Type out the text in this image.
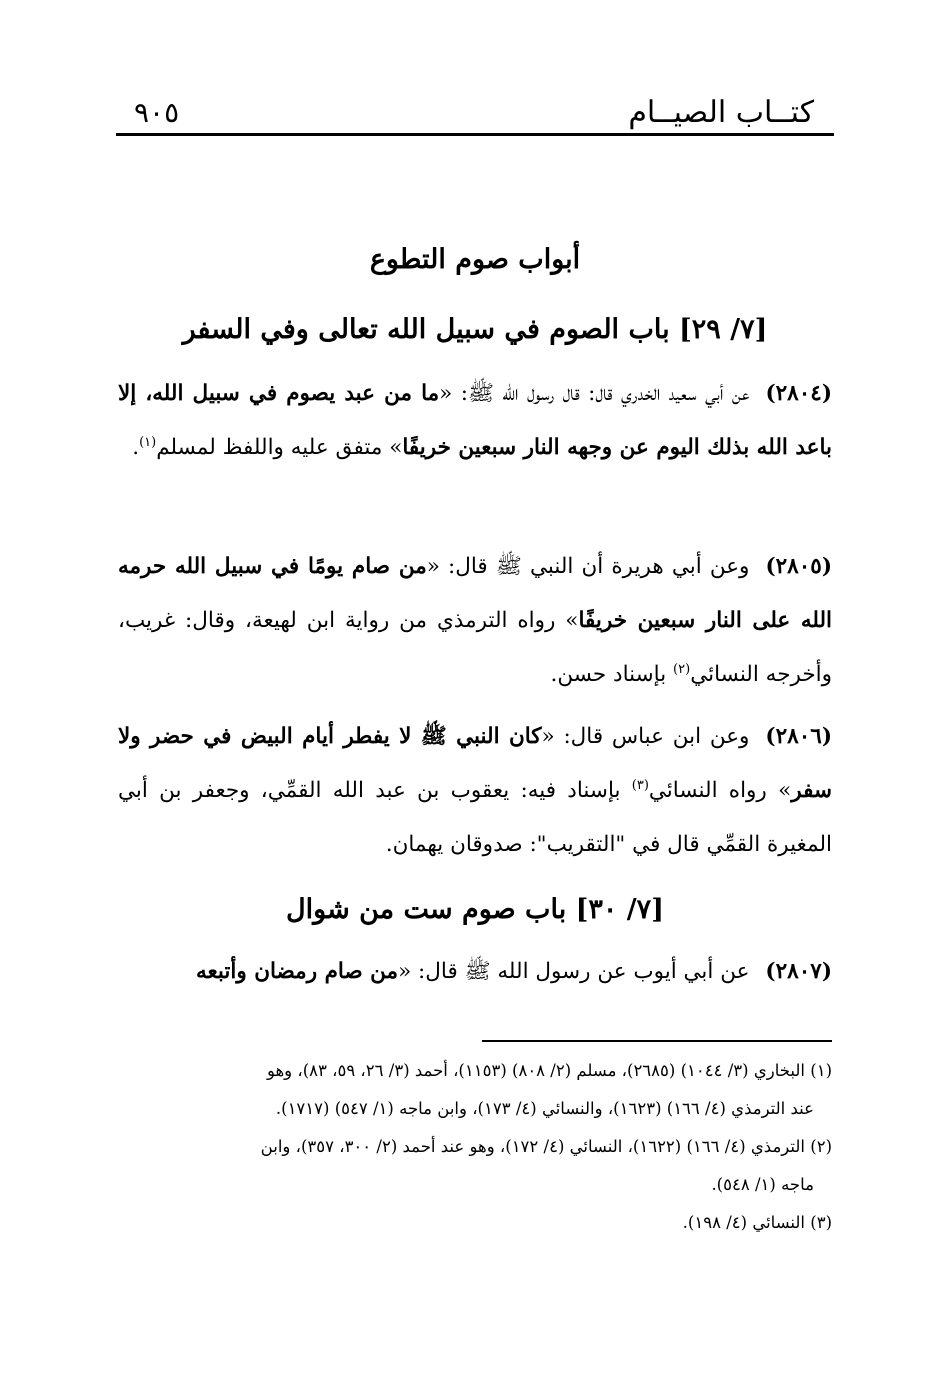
كتــاب الصيــام
٩٠٥
أبواب صوم التطوع
[٧/ ٢٩] باب الصوم في سبيل الله تعالى وفي السفر
(٢٨٠٤)عن أبي سعيد الخدري قال: قال رسول الله ﷺ: «ما من عبد يصوم في سبيل الله، إلا باعد الله بذلك اليوم عن وجهه النار سبعين خريفًا» متفق عليه واللفظ لمسلم$^{(١)}$.
(٢٨٠٥)وعن أبي هريرة أن النبي ﷺ قال: «من صام يومًا في سبيل الله حرمه الله على النار سبعين خريفًا» رواه الترمذي من رواية ابن لهيعة، وقال: غريب، وأخرجه النسائي$^{(٢)}$ بإسناد حسن.
(٢٨٠٦)وعن ابن عباس قال: «كان النبي ﷺ لا يفطر أيام البيض في حضر ولا سفر» رواه النسائي$^{(٣)}$ بإسناد فيه: يعقوب بن عبد الله القمِّي، وجعفر بن أبي المغيرة القمِّي قال في "التقريب": صدوقان يهمان.
[٧/ ٣٠] باب صوم ست من شوال
(٢٨٠٧)عن أبي أيوب عن رسول الله ﷺ قال: «من صام رمضان وأتبعه

(١) البخاري (٣/ ١٠٤٤) (٢٦٨٥)، مسلم (٢/ ٨٠٨) (١١٥٣)، أحمد (٣/ ٢٦، ٥٩، ٨٣)، وهو

عند الترمذي (٤/ ١٦٦) (١٦٢٣)، والنسائي (٤/ ١٧٣)، وابن ماجه (١/ ٥٤٧) (١٧١٧).

(٢) الترمذي (٤/ ١٦٦) (١٦٢٢)، النسائي (٤/ ١٧٢)، وهو عند أحمد (٢/ ٣٠٠، ٣٥٧)، وابن

ماجه (١/ ٥٤٨).

(٣) النسائي (٤/ ١٩٨).
